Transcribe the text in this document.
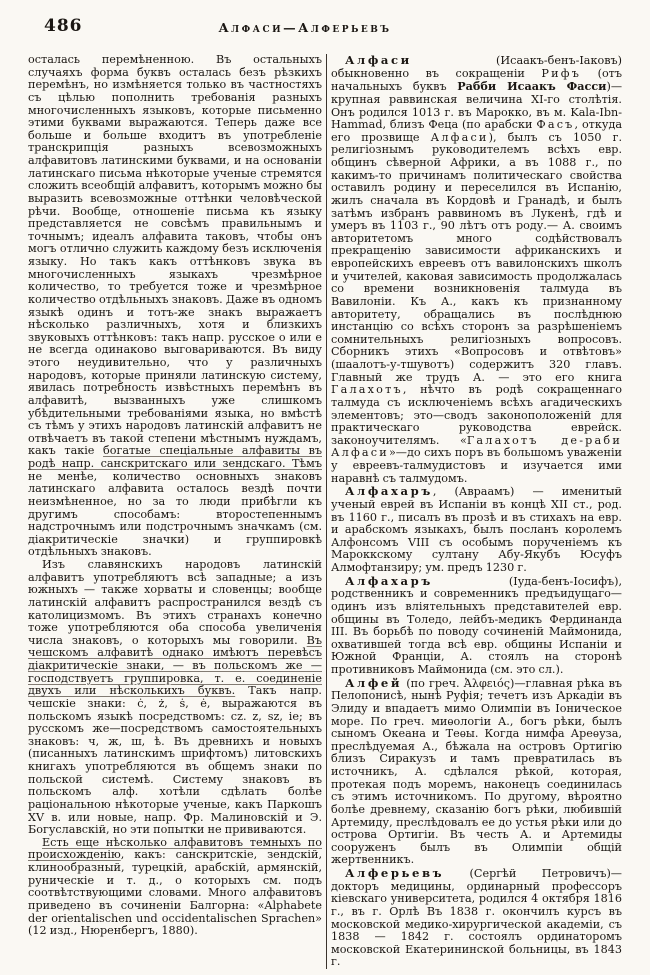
486	Алфаси—Алферьевъ

осталась перемѣненною. Въ остальныхъ случаяхъ форма буквъ осталась безъ рѣзкихъ перемѣнъ, но измѣняется только въ частностяхъ съ цѣлью пополнить требованія разныхъ многочисленныхъ языковъ, которые письменно этими буквами выражаются. Теперь даже все больше и больше входитъ въ употребленіе транскрипція разныхъ всевозможныхъ алфавитовъ латинскими буквами, и на основаніи латинскаго письма нѣкоторые ученые стремятся сложить всеобщій алфавитъ, которымъ можно бы выразить всевозможные оттѣнки человѣческой рѣчи. Вообще, отношеніе письма къ языку представляется не совсѣмъ правильнымъ и точнымъ; идеалъ алфавита таковъ, чтобы онъ могъ отлично служить каждому безъ исключенія языку. Но такъ какъ оттѣнковъ звука въ многочисленныхъ языкахъ чрезмѣрное количество, то требуется тоже и чрезмѣрное количество отдѣльныхъ знаковъ. Даже въ одномъ языкѣ одинъ и тотъ-же знакъ выражаетъ нѣсколько различныхъ, хотя и близкихъ звуковыхъ оттѣнковъ: такъ напр. русское о или е не всегда одинаково выговариваются. Въ виду этого неудивительно, что у различныхъ народовъ, которые приняли латинскую систему, явилась потребность извѣстныхъ перемѣнъ въ алфавитѣ, вызванныхъ уже слишкомъ убѣдительными требованіями языка, но вмѣстѣ съ тѣмъ у этихъ народовъ латинскій алфавитъ не отвѣчаетъ въ такой степени мѣстнымъ нуждамъ, какъ такіе богатые спеціальные алфавиты въ родѣ напр. санскритскаго или зендскаго. Тѣмъ не менѣе, количество основныхъ знаковъ латинскаго алфавита осталось вездѣ почти неизмѣненное, но за то люди прибѣгли къ другимъ способамъ: второстепеннымъ надстрочнымъ или подстрочнымъ значкамъ (см. діакритическіе значки) и группировкѣ отдѣльныхъ знаковъ.

Изъ славянскихъ народовъ латинскій алфавитъ употребляютъ всѣ западные; а изъ южныхъ — также хорваты и словенцы; вообще латинскій алфавитъ распространился вездѣ съ католицизмомъ. Въ этихъ странахъ конечно тоже употребляются оба способа увеличенія числа знаковъ, о которыхъ мы говорили. Въ чешскомъ алфавитѣ однако имѣютъ перевѣсъ діакритическіе знаки, — въ польскомъ же — господствуетъ группировка, т. е. соединеніе двухъ или нѣсколькихъ буквъ. Такъ напр. чешскіе знаки: ċ, ż, ṡ, ė, выражаются въ польскомъ языкѣ посредствомъ: cz. z, sz, ie; въ русскомъ же—посредствомъ самостоятельныхъ знаковъ: ч, ж, ш, ѣ. Въ древнихъ и новыхъ (писанныхъ латинскимъ шрифтомъ) литовскихъ книгахъ употребляются въ общемъ знаки по польской системѣ. Систему знаковъ въ польскомъ алф. хотѣли сдѣлать болѣе раціональною нѣкоторые ученые, какъ Паркошъ XV в. или новые, напр. Фр. Малиновскій и Э. Богуславскій, но эти попытки не прививаются.

Есть еще нѣсколько алфавитовъ темныхъ по происхожденію, какъ: санскритскіе, зендскій, клинообразный, турецкій, арабскій, армянскій, руническіе и т. д., о которыхъ см. подъ соотвѣтствующими словами. Много алфавитовъ приведено въ сочиненіи Балгорна: «Alphabete der orientalischen und occidentalischen Sprachen» (12 изд., Нюренбергъ, 1880).

Алфаси (Исаакъ-бенъ-Іаковъ) обыкновенно въ сокращеніи Рифъ (отъ начальныхъ буквъ Рабби Исаакъ Фасси)—крупная раввинская величина XI-го столѣтія. Онъ родился 1013 г. въ Марокко, въ м. Kala-Ibn-Hammad, близъ Феца (по арабски Фасъ, откуда его прозвище Алфаси), былъ съ 1050 г. религіознымъ руководителемъ всѣхъ евр. общинъ сѣверной Африки, а въ 1088 г., по какимъ-то причинамъ политическаго свойства оставилъ родину и переселился въ Испанію, жилъ сначала въ Кордовѣ и Гранадѣ, и былъ затѣмъ избранъ раввиномъ въ Лукенѣ, гдѣ и умеръ въ 1103 г., 90 лѣтъ отъ роду.— А. своимъ авторитетомъ много содѣйствовалъ прекращенію зависимости африканскихъ и европейскихъ евреевъ отъ вавилонскихъ школъ и учителей, каковая зависимость продолжалась со времени возникновенія талмуда въ Вавилоніи. Къ А., какъ къ признанному авторитету, обращались въ послѣднюю инстанцію со всѣхъ сторонъ за разрѣшеніемъ сомнительныхъ религіозныхъ вопросовъ. Сборникъ этихъ «Вопросовъ и отвѣтовъ» (шаалотъ-у-тшувотъ) содержитъ 320 главъ. Главный же трудъ А. — это его книга Галахотъ, нѣчто въ родѣ сокращеннаго талмуда съ исключеніемъ всѣхъ агадическихъ элементовъ; это—сводъ законоположеній для практическаго руководства еврейск. законоучителямъ. «Галахотъ де-раби Алфаси»—до сихъ поръ въ большомъ уваженіи у евреевъ-талмудистовъ и изучается ими наравнѣ съ талмудомъ.

Алфахаръ, (Авраамъ) — именитый ученый еврей въ Испаніи въ концѣ XII ст., род. въ 1160 г., писалъ въ прозѣ и въ стихахъ на евр. и арабскомъ языкахъ, былъ посланъ королемъ Алфонсомъ VIII съ особымъ порученіемъ къ Мароккскому султану Абу-Якубъ Юсуфъ Алмофтанзиру; ум. предъ 1230 г.

Алфахаръ (Іуда-бенъ-Іосифъ), родственникъ и современникъ предъидущаго—одинъ изъ вліятельныхъ представителей евр. общины въ Толедо, лейбъ-медикъ Фердинанда III. Въ борьбѣ по поводу сочиненій Маймонида, охватившей тогда всѣ евр. общины Испаніи и Южной Франціи, А. стоялъ на сторонѣ противниковъ Маймонида (см. это сл.).

Алфей (по греч. Ἀλφειός)—главная рѣка въ Пелопонисѣ, нынѣ Руфія; течетъ изъ Аркадіи въ Элиду и впадаетъ мимо Олимпіи въ Іоническое море. По греч. миѳологіи А., богъ рѣки, былъ сыномъ Океана и Теѳы. Когда нимфа Ареѳуза, преслѣдуемая А., бѣжала на островъ Ортигію близъ Сиракузъ и тамъ превратилась въ источникъ, А. сдѣлался рѣкой, которая, протекая подъ моремъ, наконецъ соединилась съ этимъ источникомъ. По другому, вѣроятно болѣе древнему, сказанію богъ рѣки, любившій Артемиду, преслѣдовалъ ее до устья рѣки или до острова Ортигіи. Въ честь А. и Артемиды сооруженъ былъ въ Олимпіи общій жертвенникъ.

Алферьевъ (Сергѣй Петровичъ)—докторъ медицины, ординарный профессоръ кіевскаго университета, родился 4 октября 1816 г., въ г. Орлѣ Въ 1838 г. окончилъ курсъ въ московской медико-хирургической академіи, съ 1838 — 1842 г. состоялъ ординаторомъ московской Екатерининской больницы, въ 1843 г.
